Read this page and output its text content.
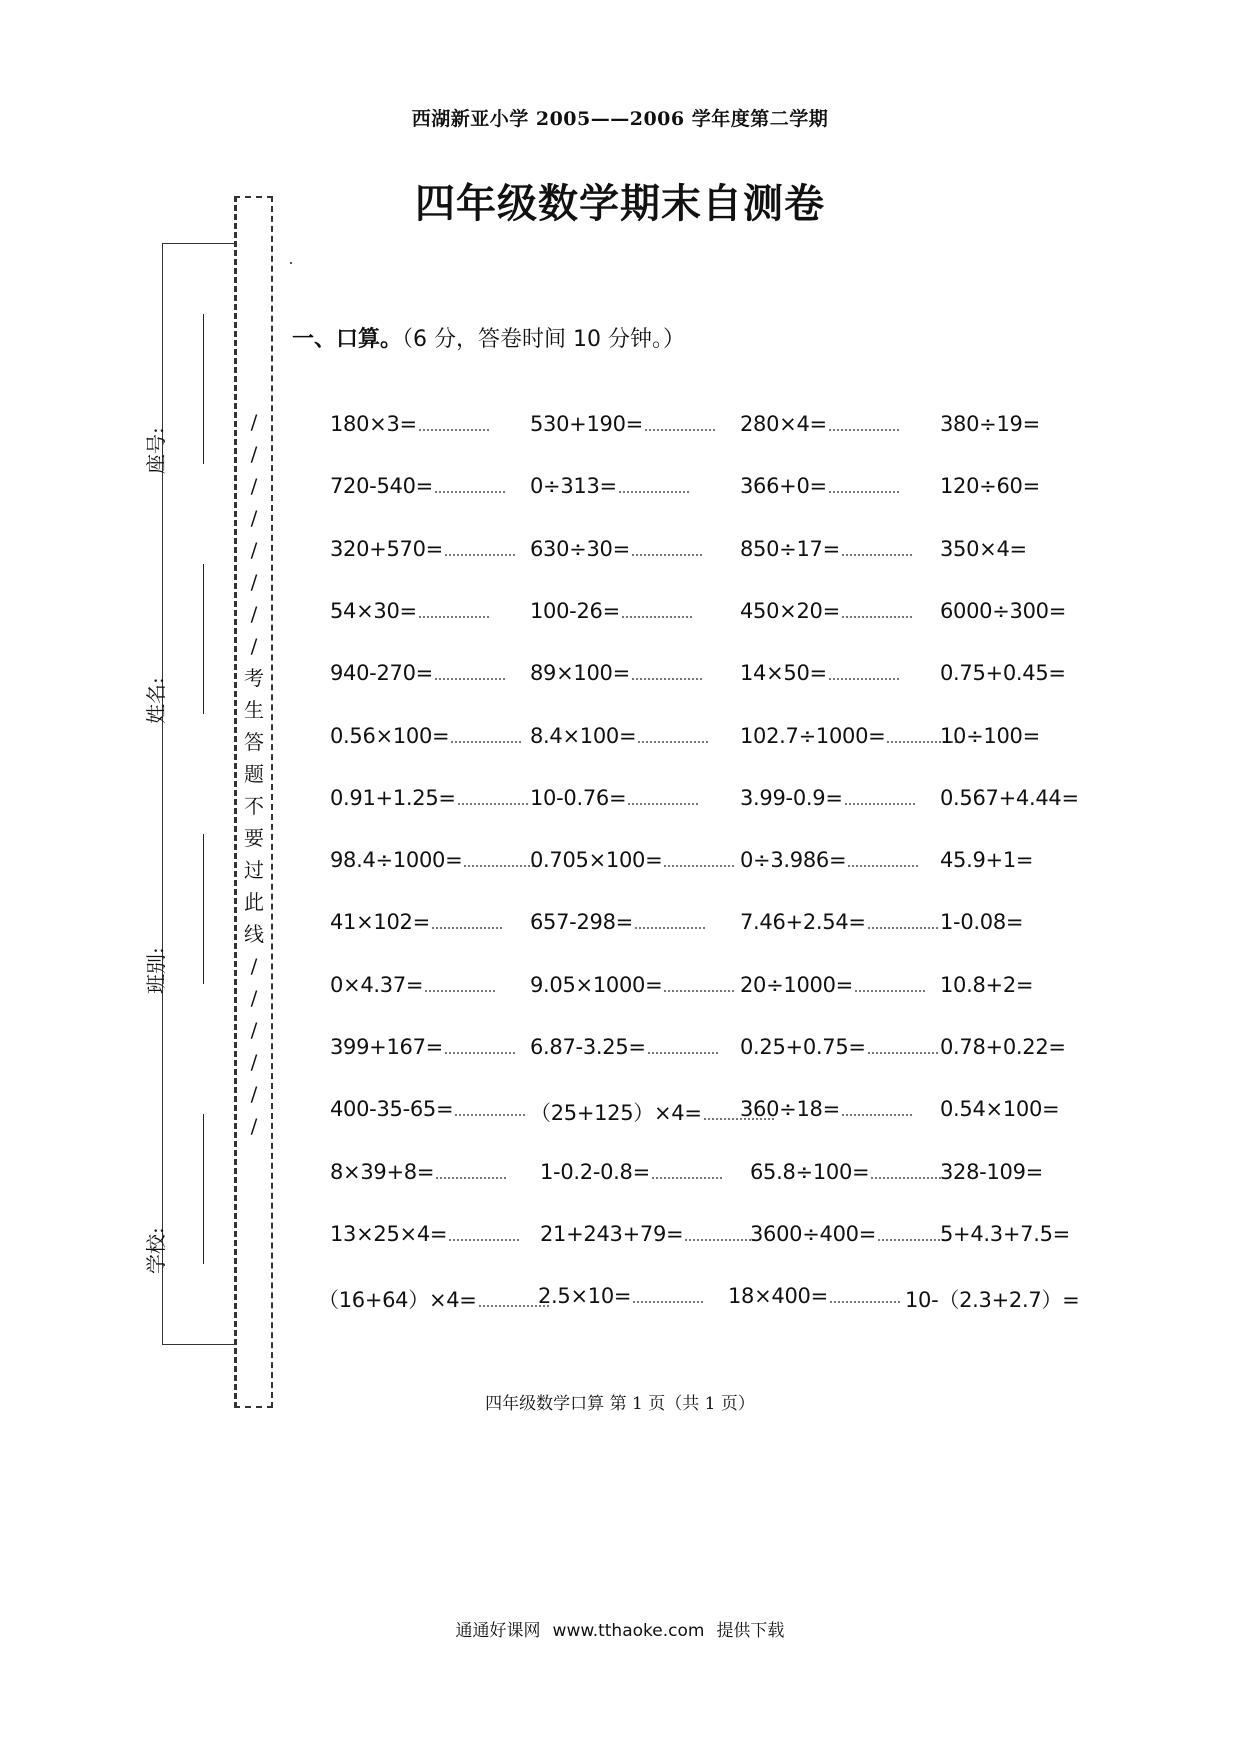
西湖新亚小学 2005——2006 学年度第二学期
四年级数学期末自测卷
座号:
姓名:
班别:
学校:
/
/
/
/
/
/
/
/
考
生
答
题
不
要
过
此
线
/
/
/
/
/
/
一、口算。（6 分，答卷时间 10 分钟。）
180×3=	530+190=	280×4=	380÷19=
720-540=	0÷313=	366+0=	120÷60=
320+570=	630÷30=	850÷17=	350×4=
54×30=	100-26=	450×20=	6000÷300=
940-270=	89×100=	14×50=	0.75+0.45=
0.56×100=	8.4×100=	102.7÷1000=	10÷100=
0.91+1.25=	10-0.76=	3.99-0.9=	0.567+4.44=
98.4÷1000=	0.705×100=	0÷3.986=	45.9+1=
41×102=	657-298=	7.46+2.54=	1-0.08=
0×4.37=	9.05×1000=	20÷1000=	10.8+2=
399+167=	6.87-3.25=	0.25+0.75=	0.78+0.22=
400-35-65=	（25+125）×4=	360÷18=	0.54×100=
8×39+8=	1-0.2-0.8=	65.8÷100=	328-109=
13×25×4=	21+243+79=	3600÷400=	5+4.3+7.5=
（16+64）×4=	2.5×10=	18×400=	10-（2.3+2.7）=
四年级数学口算 第 1 页（共 1 页）
通通好课网 www.tthaoke.com 提供下载
